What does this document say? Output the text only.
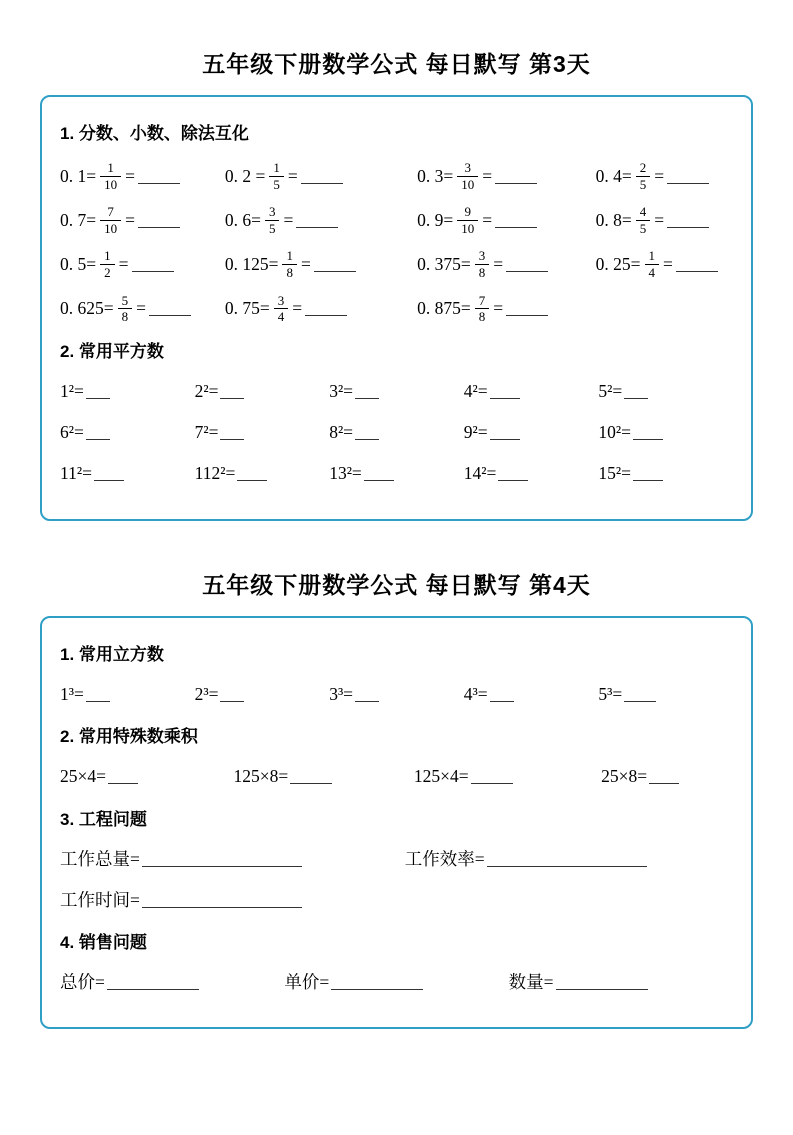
五年级下册数学公式 每日默写 第3天
1. 分数、小数、除法互化
0. $1= \frac{1}{10}$ =	0. $2 = \frac{1}{5}$ =	0. $3= \frac{3}{10}$ =	0. $4= \frac{2}{5}$ =
0. $7= \frac{7}{10}$ =	0. $6= \frac{3}{5}$ =	0. $9= \frac{9}{10}$ =	0. $8= \frac{4}{5}$ =
0. $5= \frac{1}{2}$ =	0. $125= \frac{1}{8}$ =	0. $375= \frac{3}{8}$ =	0. $25= \frac{1}{4}$ =
0. $625= \frac{5}{8}$ =	0. $75= \frac{3}{4}$ =	0. $875= \frac{7}{8}$ =
2. 常用平方数
1²=	2²=	3²=	4²=	5²=
6²=	7²=	8²=	9²=	10²=
11²=	112²=	13²=	14²=	15²=
五年级下册数学公式 每日默写 第4天
1. 常用立方数
1³=	2³=	3³=	4³=	5³=
2. 常用特殊数乘积
25×4=	125×8=	125×4=	25×8=
3. 工程问题
工作总量=	工作效率=
工作时间=
4. 销售问题
总价=	单价=	数量=
